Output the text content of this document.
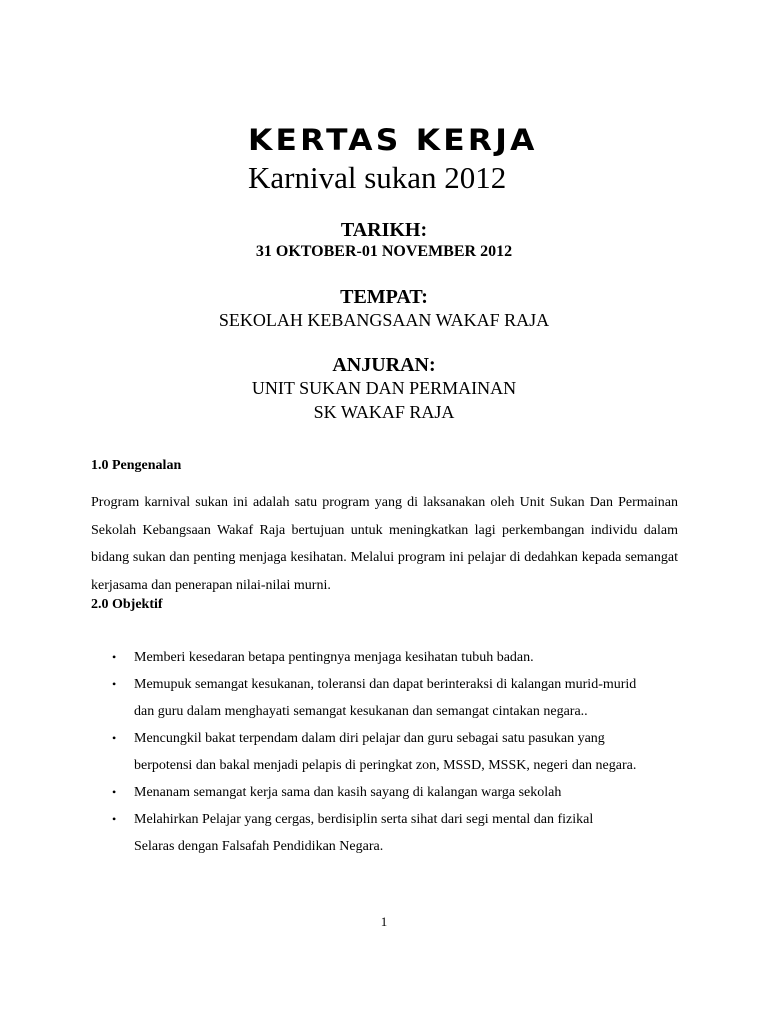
KERTAS KERJA
Karnival sukan 2012
TARIKH:
31 OKTOBER-01 NOVEMBER 2012
TEMPAT:
SEKOLAH KEBANGSAAN WAKAF RAJA
ANJURAN:
UNIT SUKAN DAN PERMAINAN
SK WAKAF RAJA
1.0 Pengenalan
Program karnival sukan ini adalah satu program yang di laksanakan oleh Unit Sukan Dan Permainan Sekolah Kebangsaan Wakaf Raja bertujuan untuk meningkatkan lagi perkembangan individu dalam bidang sukan dan penting menjaga kesihatan. Melalui program ini pelajar di dedahkan kepada semangat kerjasama dan penerapan nilai-nilai murni.
2.0 Objektif
• Memberi kesedaran betapa pentingnya menjaga kesihatan tubuh badan.
• Memupuk semangat kesukanan, toleransi dan dapat berinteraksi di kalangan murid-murid
dan guru dalam menghayati semangat kesukanan dan semangat cintakan negara..
• Mencungkil bakat terpendam dalam diri pelajar dan guru sebagai satu pasukan yang
berpotensi dan bakal menjadi pelapis di peringkat zon, MSSD, MSSK, negeri dan negara.
• Menanam semangat kerja sama dan kasih sayang di kalangan warga sekolah
• Melahirkan Pelajar yang cergas, berdisiplin serta sihat dari segi mental dan fizikal
Selaras dengan Falsafah Pendidikan Negara.
1
